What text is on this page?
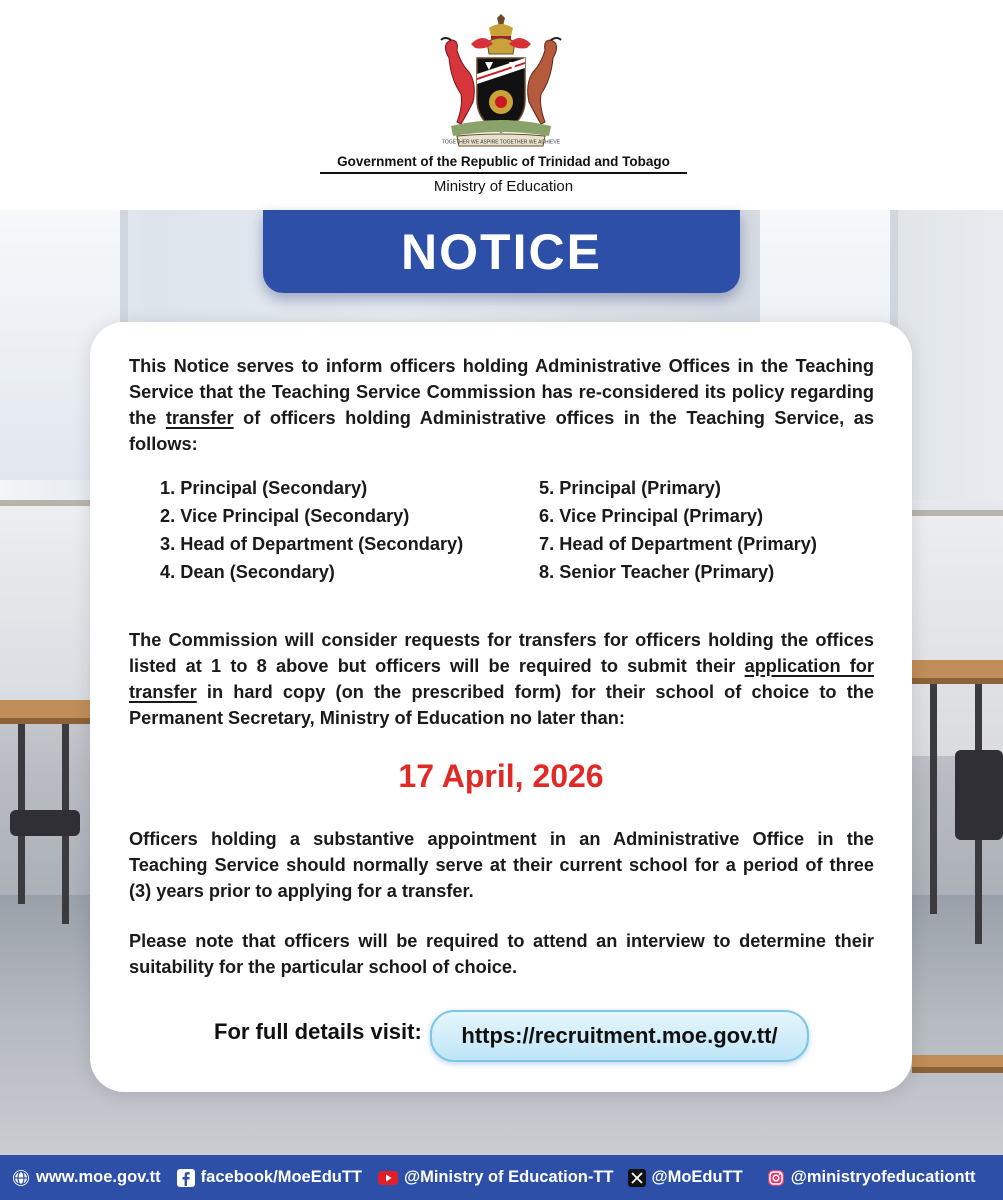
TOGETHER WE ASPIRE TOGETHER WE ACHIEVE
Government of the Republic of Trinidad and Tobago
Ministry of Education
NOTICE

This Notice serves to inform officers holding Administrative Offices in the Teaching Service that the Teaching Service Commission has re-considered its policy regarding the transfer of officers holding Administrative offices in the Teaching Service, as follows:

1. Principal (Secondary)
2. Vice Principal (Secondary)
3. Head of Department (Secondary)
4. Dean (Secondary)
5. Principal (Primary)
6. Vice Principal (Primary)
7. Head of Department (Primary)
8. Senior Teacher (Primary)

The Commission will consider requests for transfers for officers holding the offices listed at 1 to 8 above but officers will be required to submit their application for transfer in hard copy (on the prescribed form) for their school of choice to the Permanent Secretary, Ministry of Education no later than:

17 April, 2026

Officers holding a substantive appointment in an Administrative Office in the Teaching Service should normally serve at their current school for a period of three (3) years prior to applying for a transfer.

Please note that officers will be required to attend an interview to determine their suitability for the particular school of choice.

For full details visit: https://recruitment.moe.gov.tt/
www.moe.gov.tt facebook/MoeEduTT	@Ministry of Education-TT @MoEduTT	@ministryofeducationtt
